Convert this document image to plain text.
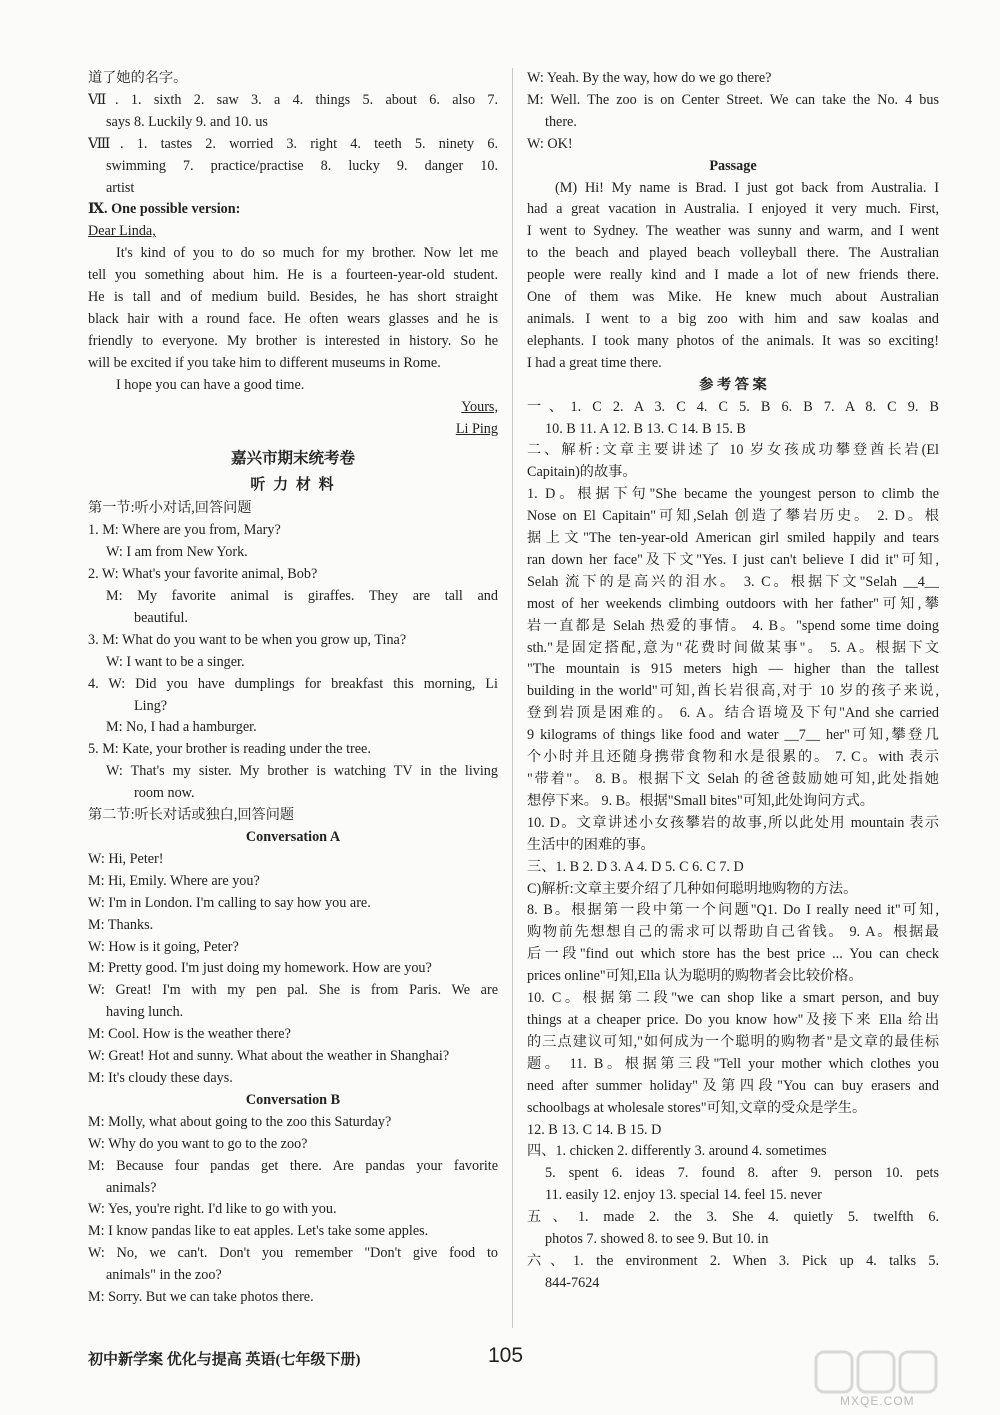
道了她的名字。
Ⅶ. 1. sixth 2. saw 3. a 4. things 5. about 6. also 7.
says 8. Luckily 9. and 10. us
Ⅷ. 1. tastes 2. worried 3. right 4. teeth 5. ninety 6.
swimming 7. practice/practise 8. lucky 9. danger 10.
artist
Ⅸ. One possible version:
Dear Linda,
It's kind of you to do so much for my brother. Now let me
tell you something about him. He is a fourteen-year-old student.
He is tall and of medium build. Besides, he has short straight
black hair with a round face. He often wears glasses and he is
friendly to everyone. My brother is interested in history. So he
will be excited if you take him to different museums in Rome.
I hope you can have a good time.
Yours,
Li Ping
嘉兴市期末统考卷
听 力 材 料
第一节:听小对话,回答问题
1. M: Where are you from, Mary?
W: I am from New York.
2. W: What's your favorite animal, Bob?
M: My favorite animal is giraffes. They are tall and
beautiful.
3. M: What do you want to be when you grow up, Tina?
W: I want to be a singer.
4. W: Did you have dumplings for breakfast this morning, Li
Ling?
M: No, I had a hamburger.
5. M: Kate, your brother is reading under the tree.
W: That's my sister. My brother is watching TV in the living
room now.
第二节:听长对话或独白,回答问题
Conversation A
W: Hi, Peter!
M: Hi, Emily. Where are you?
W: I'm in London. I'm calling to say how you are.
M: Thanks.
W: How is it going, Peter?
M: Pretty good. I'm just doing my homework. How are you?
W: Great! I'm with my pen pal. She is from Paris. We are
having lunch.
M: Cool. How is the weather there?
W: Great! Hot and sunny. What about the weather in Shanghai?
M: It's cloudy these days.
Conversation B
M: Molly, what about going to the zoo this Saturday?
W: Why do you want to go to the zoo?
M: Because four pandas get there. Are pandas your favorite
animals?
W: Yes, you're right. I'd like to go with you.
M: I know pandas like to eat apples. Let's take some apples.
W: No, we can't. Don't you remember "Don't give food to
animals" in the zoo?
M: Sorry. But we can take photos there.
W: Yeah. By the way, how do we go there?
M: Well. The zoo is on Center Street. We can take the No. 4 bus
there.
W: OK!
Passage
(M) Hi! My name is Brad. I just got back from Australia. I
had a great vacation in Australia. I enjoyed it very much. First,
I went to Sydney. The weather was sunny and warm, and I went
to the beach and played beach volleyball there. The Australian
people were really kind and I made a lot of new friends there.
One of them was Mike. He knew much about Australian
animals. I went to a big zoo with him and saw koalas and
elephants. I took many photos of the animals. It was so exciting!
I had a great time there.
参 考 答 案
一、1. C 2. A 3. C 4. C 5. B 6. B 7. A 8. C 9. B
10. B 11. A 12. B 13. C 14. B 15. B
二、解析:文章主要讲述了 10 岁女孩成功攀登酋长岩(El
Capitain)的故事。
1. D。根据下句"She became the youngest person to climb the
Nose on El Capitain"可知,Selah 创造了攀岩历史。 2. D。根
据上文"The ten-year-old American girl smiled happily and tears
ran down her face"及下文"Yes. I just can't believe I did it"可知,
Selah 流下的是高兴的泪水。 3. C。根据下文"Selah __4__
most of her weekends climbing outdoors with her father"可知,攀
岩一直都是 Selah 热爱的事情。 4. B。"spend some time doing
sth."是固定搭配,意为"花费时间做某事"。 5. A。根据下文
"The mountain is 915 meters high — higher than the tallest
building in the world"可知,酋长岩很高,对于 10 岁的孩子来说,
登到岩顶是困难的。 6. A。结合语境及下句"And she carried
9 kilograms of things like food and water __7__ her"可知,攀登几
个小时并且还随身携带食物和水是很累的。 7. C。with 表示
"带着"。 8. B。根据下文 Selah 的爸爸鼓励她可知,此处指她
想停下来。 9. B。根据"Small bites"可知,此处询问方式。
10. D。文章讲述小女孩攀岩的故事,所以此处用 mountain 表示
生活中的困难的事。
三、1. B 2. D 3. A 4. D 5. C 6. C 7. D
C)解析:文章主要介绍了几种如何聪明地购物的方法。
8. B。根据第一段中第一个问题"Q1. Do I really need it"可知,
购物前先想想自己的需求可以帮助自己省钱。 9. A。根据最
后一段"find out which store has the best price ... You can check
prices online"可知,Ella 认为聪明的购物者会比较价格。
10. C。根据第二段"we can shop like a smart person, and buy
things at a cheaper price. Do you know how"及接下来 Ella 给出
的三点建议可知,"如何成为一个聪明的购物者"是文章的最佳标
题。 11. B。根据第三段"Tell your mother which clothes you
need after summer holiday"及第四段"You can buy erasers and
schoolbags at wholesale stores"可知,文章的受众是学生。
12. B 13. C 14. B 15. D
四、1. chicken 2. differently 3. around 4. sometimes
5. spent 6. ideas 7. found 8. after 9. person 10. pets
11. easily 12. enjoy 13. special 14. feel 15. never
五、1. made 2. the 3. She 4. quietly 5. twelfth 6.
photos 7. showed 8. to see 9. But 10. in
六、1. the environment 2. When 3. Pick up 4. talks 5.
844-7624
初中新学案 优化与提高 英语(七年级下册)	105
MXQE.COM
